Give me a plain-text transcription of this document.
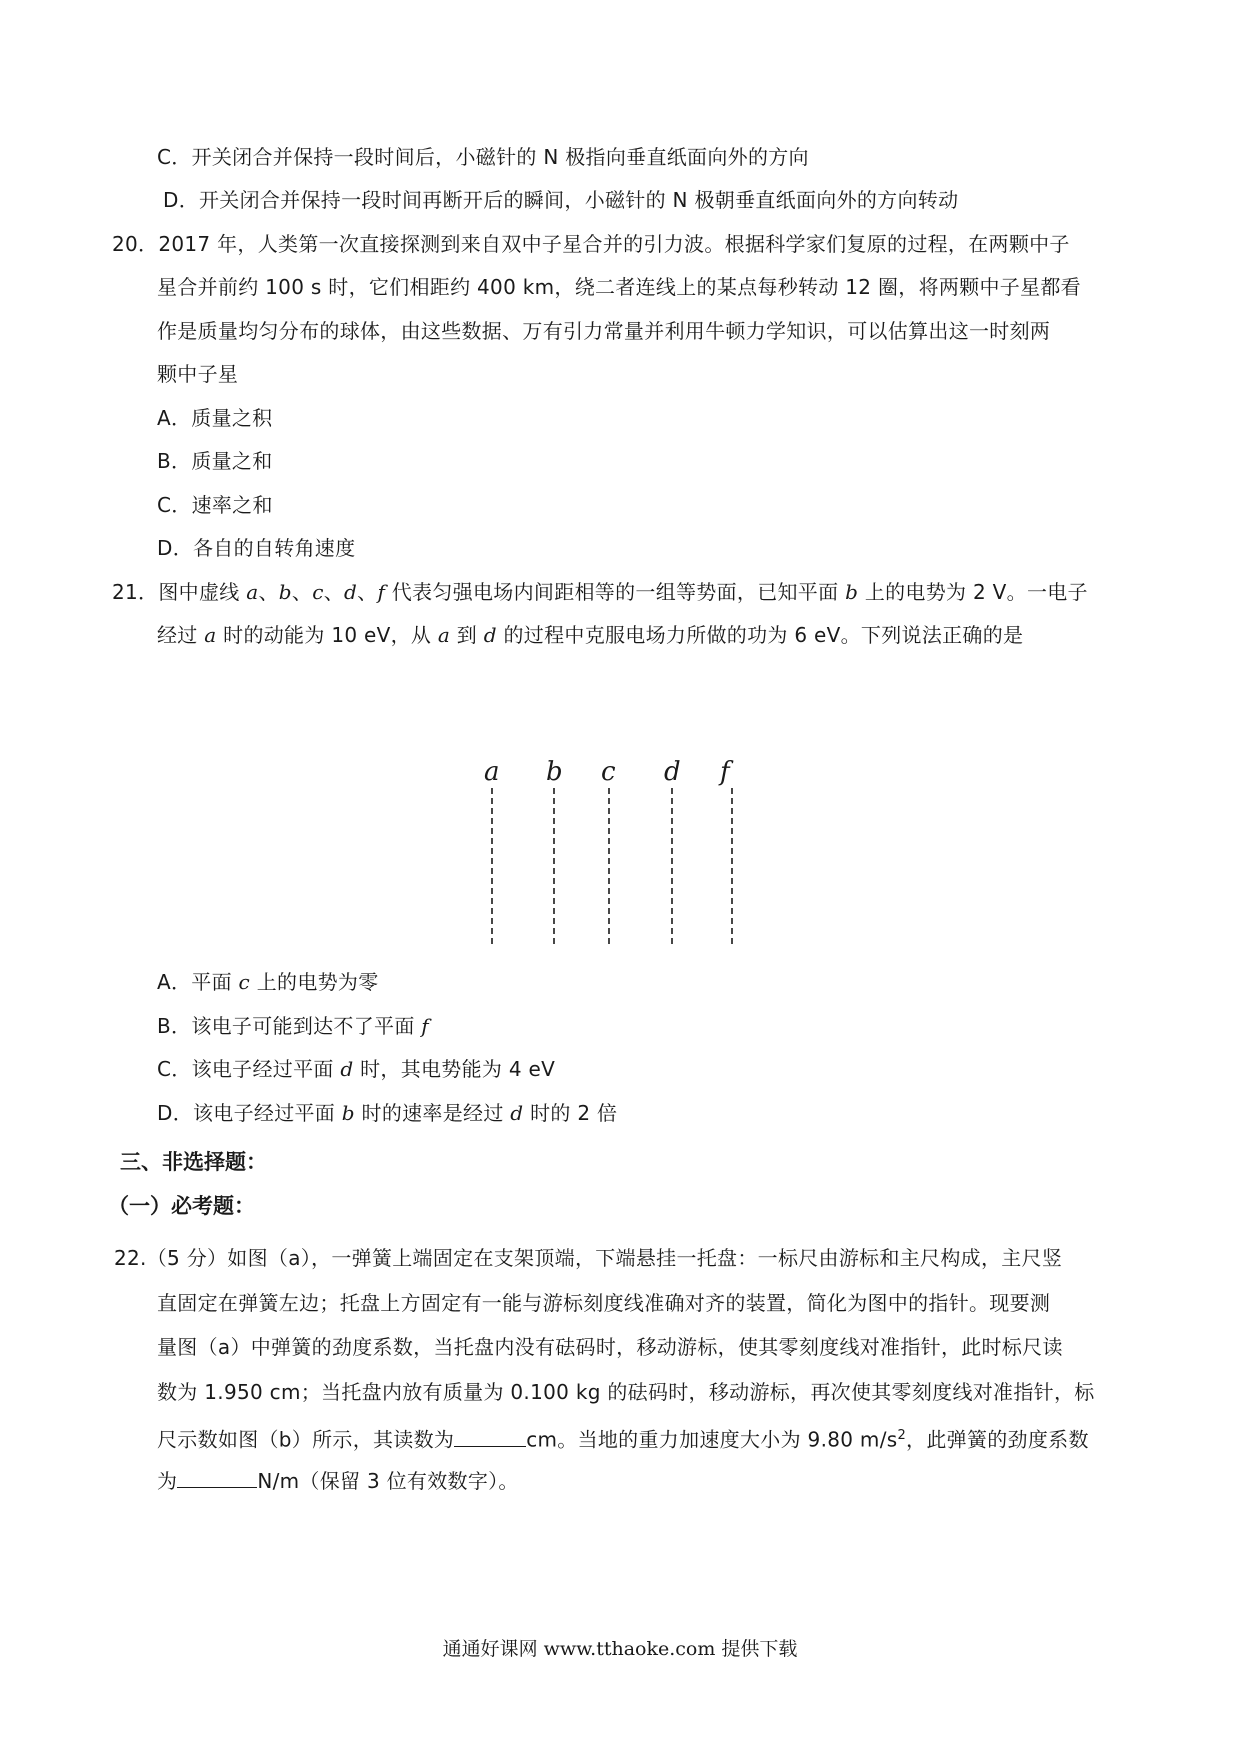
C．开关闭合并保持一段时间后，小磁针的 N 极指向垂直纸面向外的方向
D．开关闭合并保持一段时间再断开后的瞬间，小磁针的 N 极朝垂直纸面向外的方向转动
20．2017 年，人类第一次直接探测到来自双中子星合并的引力波。根据科学家们复原的过程，在两颗中子
星合并前约 100 s 时，它们相距约 400 km，绕二者连线上的某点每秒转动 12 圈，将两颗中子星都看
作是质量均匀分布的球体，由这些数据、万有引力常量并利用牛顿力学知识，可以估算出这一时刻两
颗中子星
A．质量之积
B．质量之和
C．速率之和
D．各自的自转角速度
21．图中虚线 a、b、c、d、f 代表匀强电场内间距相等的一组等势面，已知平面 b 上的电势为 2 V。一电子
经过 a 时的动能为 10 eV，从 a 到 d 的过程中克服电场力所做的功为 6 eV。下列说法正确的是
a b c d f
A．平面 c 上的电势为零
B．该电子可能到达不了平面 f
C．该电子经过平面 d 时，其电势能为 4 eV
D．该电子经过平面 b 时的速率是经过 d 时的 2 倍
三、非选择题：
（一）必考题：
22.（5 分）如图（a），一弹簧上端固定在支架顶端，下端悬挂一托盘：一标尺由游标和主尺构成，主尺竖
直固定在弹簧左边；托盘上方固定有一能与游标刻度线准确对齐的装置，简化为图中的指针。现要测
量图（a）中弹簧的劲度系数，当托盘内没有砝码时，移动游标，使其零刻度线对准指针，此时标尺读
数为 1.950 cm；当托盘内放有质量为 0.100 kg 的砝码时，移动游标，再次使其零刻度线对准指针，标
尺示数如图（b）所示，其读数为	cm。当地的重力加速度大小为 9.80 $m/s^2$，此弹簧的劲度系数
为	N/m（保留 3 位有效数字）。
通通好课网 www.tthaoke.com 提供下载
